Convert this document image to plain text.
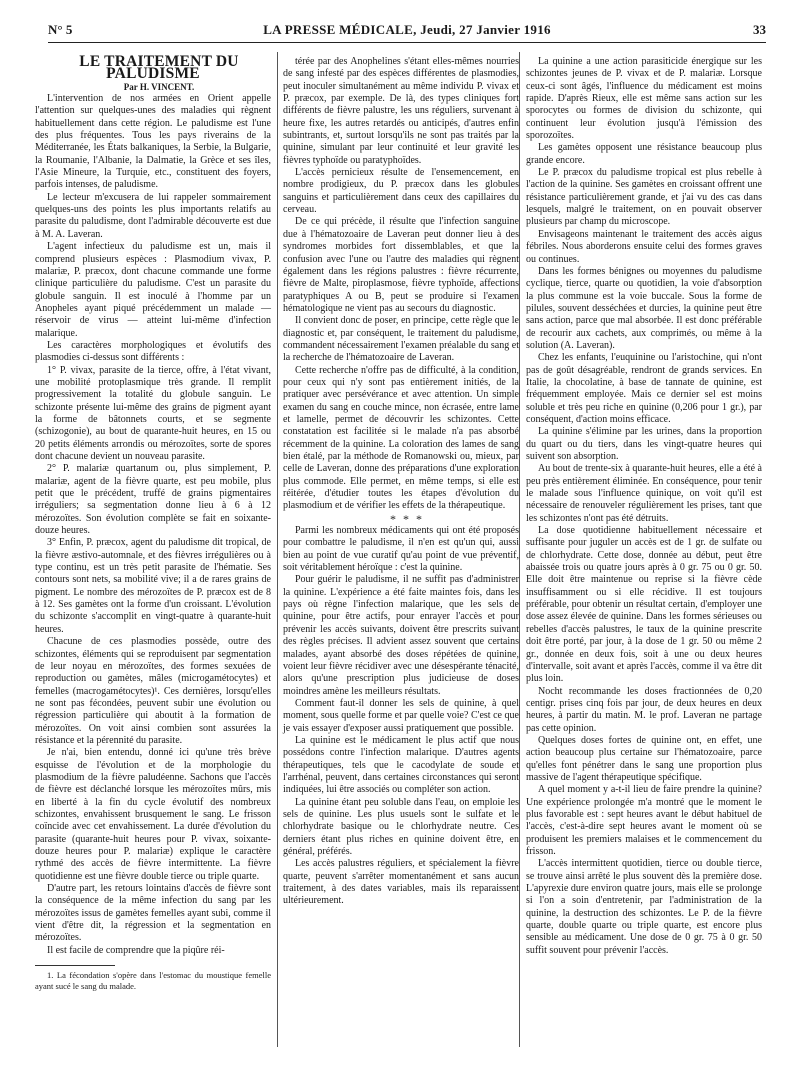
N° 5	LA PRESSE MÉDICALE, Jeudi, 27 Janvier 1916	33

LE TRAITEMENT DU PALUDISME

Par H. VINCENT.

L'intervention de nos armées en Orient appelle l'attention sur quelques-unes des maladies qui règnent habituellement dans cette région. Le paludisme est l'une des plus fréquentes. Tous les pays riverains de la Méditerranée, les États balkaniques, la Serbie, la Bulgarie, la Roumanie, l'Albanie, la Dalmatie, la Grèce et ses îles, l'Asie Mineure, la Turquie, etc., constituent des foyers, parfois intenses, de paludisme.

Le lecteur m'excusera de lui rappeler sommairement quelques-uns des points les plus importants relatifs au parasite du paludisme, dont l'admirable découverte est due à M. A. Laveran.

L'agent infectieux du paludisme est un, mais il comprend plusieurs espèces : Plasmodium vivax, P. malariæ, P. præcox, dont chacune commande une forme clinique particulière du paludisme. C'est un parasite du globule sanguin. Il est inoculé à l'homme par un Anopheles ayant piqué précédemment un malade — réservoir de virus — atteint lui-même d'infection malarique.

Les caractères morphologiques et évolutifs des plasmodies ci-dessus sont différents :

1° P. vivax, parasite de la tierce, offre, à l'état vivant, une mobilité protoplasmique très grande. Il remplit progressivement la totalité du globule sanguin. Le schizonte présente lui-même des grains de pigment ayant la forme de bâtonnets courts, et se segmente (schizogonie), au bout de quarante-huit heures, en 15 ou 20 petits éléments arrondis ou mérozoïtes, sorte de spores dont chacune devient un nouveau parasite.

2° P. malariæ quartanum ou, plus simplement, P. malariæ, agent de la fièvre quarte, est peu mobile, plus petit que le précédent, truffé de grains pigmentaires irréguliers; sa segmentation donne lieu à 6 à 12 mérozoïtes. Son évolution complète se fait en soixante-douze heures.

3° Enfin, P. præcox, agent du paludisme dit tropical, de la fièvre æstivo-automnale, et des fièvres irrégulières ou à type continu, est un très petit parasite de l'hématie. Ses contours sont nets, sa mobilité vive; il a de rares grains de pigment. Le nombre des mérozoïtes de P. præcox est de 8 à 12. Ses gamètes ont la forme d'un croissant. L'évolution du schizonte s'accomplit en vingt-quatre à quarante-huit heures.

Chacune de ces plasmodies possède, outre des schizontes, éléments qui se reproduisent par segmentation de leur noyau en mérozoïtes, des formes sexuées de reproduction ou gamètes, mâles (microgamétocytes) et femelles (macrogamétocytes)¹. Ces dernières, lorsqu'elles ne sont pas fécondées, peuvent subir une évolution ou régression particulière qui aboutit à la formation de mérozoïtes. On voit ainsi combien sont assurées la résistance et la pérennité du parasite.

Je n'ai, bien entendu, donné ici qu'une très brève esquisse de l'évolution et de la morphologie du plasmodium de la fièvre paludéenne. Sachons que l'accès de fièvre est déclanché lorsque les mérozoïtes mûrs, mis en liberté à la fin du cycle évolutif des nombreux schizontes, envahissent brusquement le sang. Le frisson coïncide avec cet envahissement. La durée d'évolution du parasite (quarante-huit heures pour P. vivax, soixante-douze heures pour P. malariæ) explique le caractère rythmé des accès de fièvre intermittente. La fièvre quotidienne est une fièvre double tierce ou triple quarte.

D'autre part, les retours lointains d'accès de fièvre sont la conséquence de la même infection du sang par les mérozoïtes issus de gamètes femelles ayant subi, comme il vient d'être dit, la régression et la segmentation en mérozoïtes.

Il est facile de comprendre que la piqûre réi-

1. La fécondation s'opère dans l'estomac du moustique femelle ayant sucé le sang du malade.

térée par des Anophelines s'étant elles-mêmes nourries de sang infesté par des espèces différentes de plasmodies, peut inoculer simultanément au même individu P. vivax et P. præcox, par exemple. De là, des types cliniques fort différents de fièvre palustre, les uns réguliers, survenant à heure fixe, les autres retardés ou anticipés, d'autres enfin subintrants, et, surtout lorsqu'ils ne sont pas traités par la quinine, simulant par leur continuité et leur gravité les fièvres typhoïde ou paratyphoïdes.

L'accès pernicieux résulte de l'ensemencement, en nombre prodigieux, du P. præcox dans les globules sanguins et particulièrement dans ceux des capillaires du cerveau.

De ce qui précède, il résulte que l'infection sanguine due à l'hématozoaire de Laveran peut donner lieu à des syndromes morbides fort dissemblables, et que la confusion avec l'une ou l'autre des maladies qui règnent également dans les régions palustres : fièvre récurrente, fièvre de Malte, piroplasmose, fièvre typhoïde, affections paratyphiques A ou B, peut se produire si l'examen hématologique ne vient pas au secours du diagnostic.

Il convient donc de poser, en principe, cette règle que le diagnostic et, par conséquent, le traitement du paludisme, commandent nécessairement l'examen préalable du sang et la recherche de l'hématozoaire de Laveran.

Cette recherche n'offre pas de difficulté, à la condition, pour ceux qui n'y sont pas entièrement initiés, de la pratiquer avec persévérance et avec attention. Un simple examen du sang en couche mince, non écrasée, entre lame et lamelle, permet de découvrir les schizontes. Cette constatation est facilitée si le malade n'a pas absorbé récemment de la quinine. La coloration des lames de sang bien étalé, par la méthode de Romanowski ou, mieux, par celle de Laveran, donne des préparations d'une exploration plus commode. Elle permet, en même temps, si elle est réitérée, d'étudier toutes les étapes d'évolution du plasmodium et de vérifier les effets de la thérapeutique.

* * *

Parmi les nombreux médicaments qui ont été proposés pour combattre le paludisme, il n'en est qu'un qui, aussi bien au point de vue curatif qu'au point de vue préventif, soit véritablement héroïque : c'est la quinine.

Pour guérir le paludisme, il ne suffit pas d'administrer la quinine. L'expérience a été faite maintes fois, dans les pays où règne l'infection malarique, que les sels de quinine, pour être actifs, pour enrayer l'accès et pour prévenir les accès suivants, doivent être prescrits suivant des règles précises. Il advient assez souvent que certains malades, ayant absorbé des doses répétées de quinine, voient leur fièvre récidiver avec une désespérante ténacité, alors qu'une prescription plus judicieuse de doses moindres amène les meilleurs résultats.

Comment faut-il donner les sels de quinine, à quel moment, sous quelle forme et par quelle voie? C'est ce que je vais essayer d'exposer aussi pratiquement que possible.

La quinine est le médicament le plus actif que nous possédons contre l'infection malarique. D'autres agents thérapeutiques, tels que le cacodylate de soude et l'arrhénal, peuvent, dans certaines circonstances qui seront indiquées, lui être associés ou compléter son action.

La quinine étant peu soluble dans l'eau, on emploie les sels de quinine. Les plus usuels sont le sulfate et le chlorhydrate basique ou le chlorhydrate neutre. Ces derniers étant plus riches en quinine doivent être, en général, préférés.

Les accès palustres réguliers, et spécialement la fièvre quarte, peuvent s'arrêter momentanément et sans aucun traitement, à des dates variables, mais ils reparaissent ultérieurement.

La quinine a une action parasiticide énergique sur les schizontes jeunes de P. vivax et de P. malariæ. Lorsque ceux-ci sont âgés, l'influence du médicament est moins rapide. D'après Rieux, elle est même sans action sur les sporocytes ou formes de division du schizonte, qui continuent leur évolution jusqu'à l'émission des sporozoïtes.

Les gamètes opposent une résistance beaucoup plus grande encore.

Le P. præcox du paludisme tropical est plus rebelle à l'action de la quinine. Ses gamètes en croissant offrent une résistance particulièrement grande, et j'ai vu des cas dans lesquels, malgré le traitement, on en pouvait observer plusieurs par champ du microscope.

Envisageons maintenant le traitement des accès aigus fébriles. Nous aborderons ensuite celui des formes graves ou continues.

Dans les formes bénignes ou moyennes du paludisme cyclique, tierce, quarte ou quotidien, la voie d'absorption la plus commune est la voie buccale. Sous la forme de pilules, souvent desséchées et durcies, la quinine peut être sans action, parce que mal absorbée. Il est donc préférable de recourir aux cachets, aux comprimés, ou même à la solution (A. Laveran).

Chez les enfants, l'euquinine ou l'aristochine, qui n'ont pas de goût désagréable, rendront de grands services. En Italie, la chocolatine, à base de tannate de quinine, est fréquemment employée. Mais ce dernier sel est moins soluble et très peu riche en quinine (0,206 pour 1 gr.), par conséquent, d'action moins efficace.

La quinine s'élimine par les urines, dans la proportion du quart ou du tiers, dans les vingt-quatre heures qui suivent son absorption.

Au bout de trente-six à quarante-huit heures, elle a été à peu près entièrement éliminée. En conséquence, pour tenir le malade sous l'influence quinique, on voit qu'il est nécessaire de renouveler régulièrement les prises, tant que les schizontes n'ont pas été détruits.

La dose quotidienne habituellement nécessaire et suffisante pour juguler un accès est de 1 gr. de sulfate ou de chlorhydrate. Cette dose, donnée au début, peut être abaissée trois ou quatre jours après à 0 gr. 75 ou 0 gr. 50. Elle doit être maintenue ou reprise si la fièvre cède insuffisamment ou si elle récidive. Il est toujours préférable, pour obtenir un résultat certain, d'employer une dose assez élevée de quinine. Dans les formes sérieuses ou rebelles d'accès palustres, le taux de la quinine prescrite doit être porté, par jour, à la dose de 1 gr. 50 ou même 2 gr., donnée en deux fois, soit à une ou deux heures d'intervalle, soit avant et après l'accès, comme il va être dit plus loin.

Nocht recommande les doses fractionnées de 0,20 centigr. prises cinq fois par jour, de deux heures en deux heures, à partir du matin. M. le prof. Laveran ne partage pas cette opinion.

Quelques doses fortes de quinine ont, en effet, une action beaucoup plus certaine sur l'hématozoaire, parce qu'elles font pénétrer dans le sang une proportion plus massive de l'agent thérapeutique spécifique.

A quel moment y a-t-il lieu de faire prendre la quinine? Une expérience prolongée m'a montré que le moment le plus favorable est : sept heures avant le début habituel de l'accès, c'est-à-dire sept heures avant le moment où se produisent les premiers malaises et le commencement du frisson.

L'accès intermittent quotidien, tierce ou double tierce, se trouve ainsi arrêté le plus souvent dès la première dose. L'apyrexie dure environ quatre jours, mais elle se prolonge si l'on a soin d'entretenir, par l'administration de la quinine, la destruction des schizontes. Le P. de la fièvre quarte, double quarte ou triple quarte, est encore plus sensible au médicament. Une dose de 0 gr. 75 à 0 gr. 50 suffit souvent pour prévenir l'accès.
